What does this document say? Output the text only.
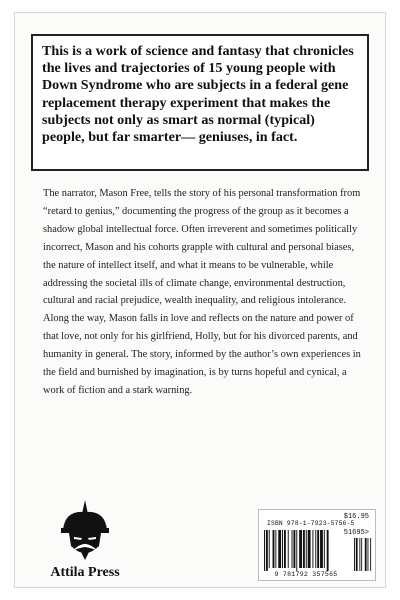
This is a work of science and fantasy that chronicles the lives and trajectories of 15 young people with Down Syndrome who are subjects in a federal gene replacement therapy experiment that makes the subjects not only as smart as normal (typical) people, but far smarter— geniuses, in fact.

The narrator, Mason Free, tells the story of his personal transformation from “retard to genius,” documenting the progress of the group as it becomes a shadow global intellectual force. Often irreverent and sometimes politically incorrect, Mason and his cohorts grapple with cultural and personal biases, the nature of intellect itself, and what it means to be vulnerable, while addressing the societal ills of climate change, environmental destruction, cultural and racial prejudice, wealth inequality, and religious intolerance. Along the way, Mason falls in love and reflects on the nature and power of that love, not only for his girlfriend, Holly, but for his divorced parents, and humanity in general. The story, informed by the author’s own experiences in the field and burnished by imagination, is by turns hopeful and cynical, a work of fiction and a stark warning.

Attila Press

$16.95
ISBN 978-1-7923-5756-5
51695>
9 781792 357565
